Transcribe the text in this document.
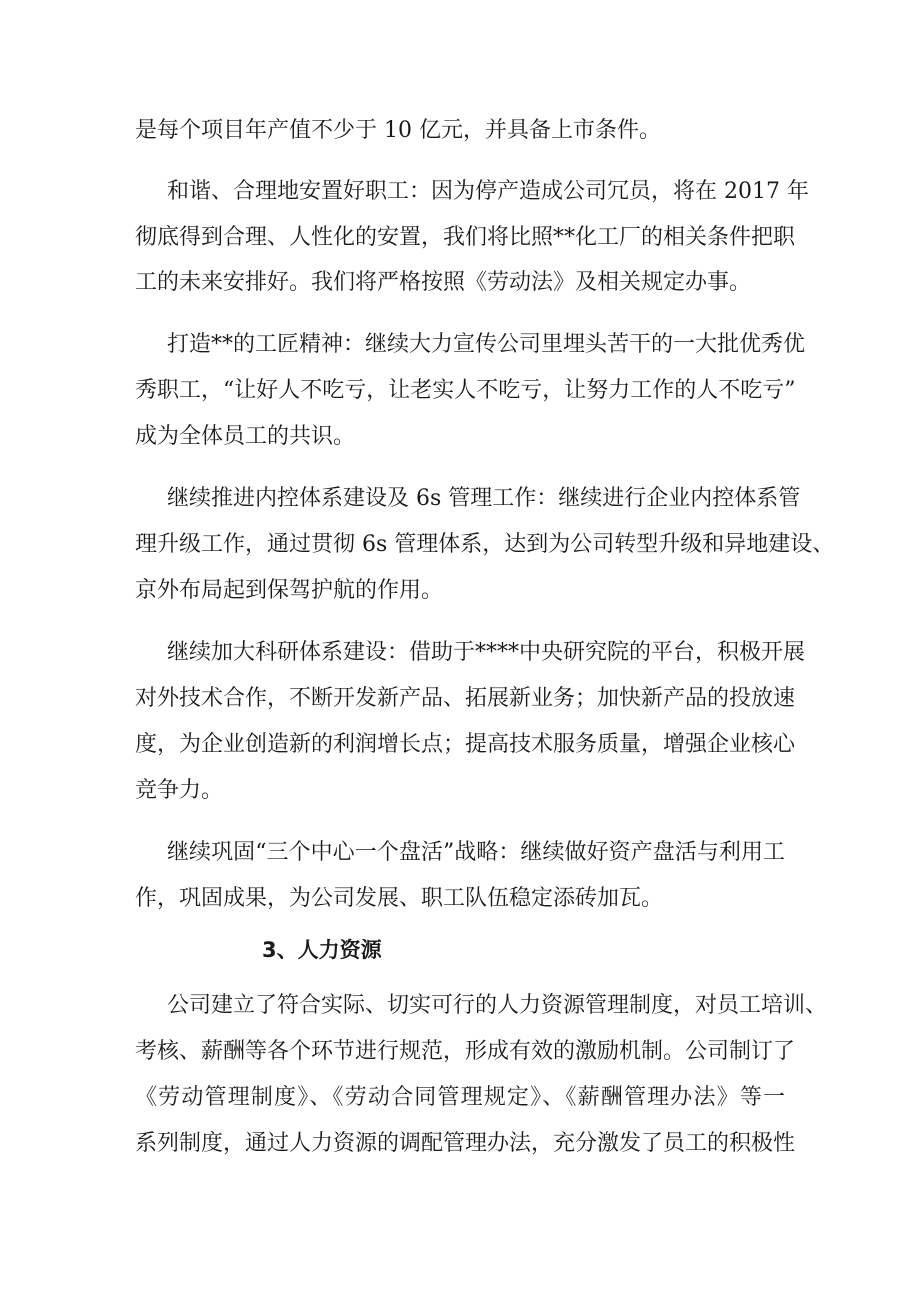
是每个项目年产值不少于 10 亿元，并具备上市条件。
和谐、合理地安置好职工：因为停产造成公司冗员，将在 2017 年
彻底得到合理、人性化的安置，我们将比照**化工厂的相关条件把职
工的未来安排好。我们将严格按照《劳动法》及相关规定办事。
打造**的工匠精神：继续大力宣传公司里埋头苦干的一大批优秀优
秀职工，“让好人不吃亏，让老实人不吃亏，让努力工作的人不吃亏”
成为全体员工的共识。
继续推进内控体系建设及 6s 管理工作：继续进行企业内控体系管
理升级工作，通过贯彻 6s 管理体系，达到为公司转型升级和异地建设、
京外布局起到保驾护航的作用。
继续加大科研体系建设：借助于****中央研究院的平台，积极开展
对外技术合作，不断开发新产品、拓展新业务；加快新产品的投放速
度，为企业创造新的利润增长点；提高技术服务质量，增强企业核心
竞争力。
继续巩固“三个中心一个盘活”战略：继续做好资产盘活与利用工
作，巩固成果，为公司发展、职工队伍稳定添砖加瓦。
3、人力资源
公司建立了符合实际、切实可行的人力资源管理制度，对员工培训、
考核、薪酬等各个环节进行规范，形成有效的激励机制。公司制订了
《劳动管理制度》、《劳动合同管理规定》、《薪酬管理办法》等一
系列制度，通过人力资源的调配管理办法，充分激发了员工的积极性
